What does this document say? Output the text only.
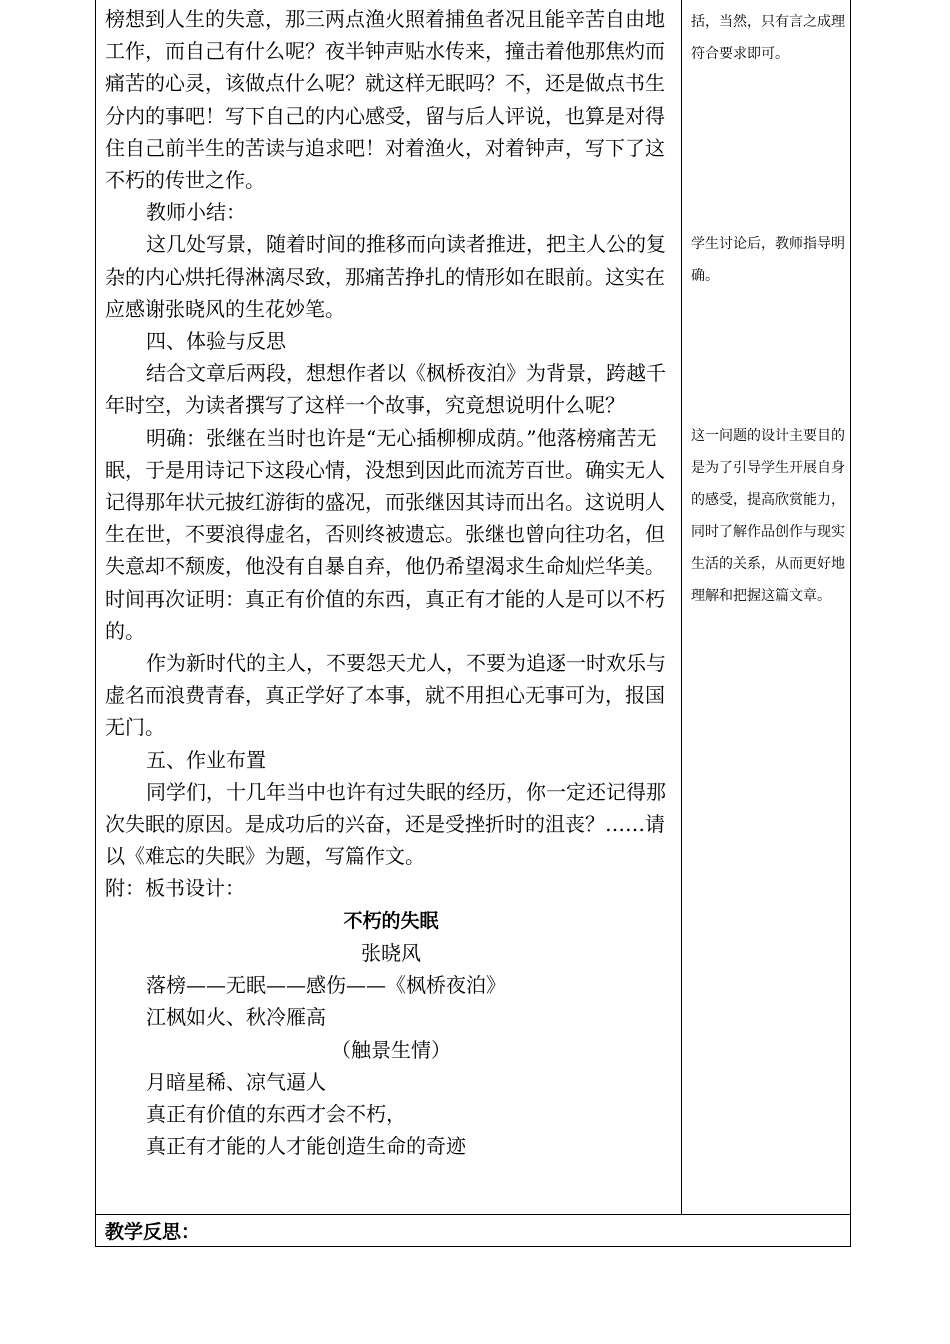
榜想到人生的失意，那三两点渔火照着捕鱼者况且能辛苦自由地工作，而自己有什么呢？夜半钟声贴水传来，撞击着他那焦灼而痛苦的心灵，该做点什么呢？就这样无眠吗？不，还是做点书生分内的事吧！写下自己的内心感受，留与后人评说，也算是对得住自己前半生的苦读与追求吧！对着渔火，对着钟声，写下了这不朽的传世之作。

教师小结：

这几处写景，随着时间的推移而向读者推进，把主人公的复杂的内心烘托得淋漓尽致，那痛苦挣扎的情形如在眼前。这实在应感谢张晓风的生花妙笔。

四、体验与反思

结合文章后两段，想想作者以《枫桥夜泊》为背景，跨越千年时空，为读者撰写了这样一个故事，究竟想说明什么呢？

明确：张继在当时也许是“无心插柳柳成荫。”他落榜痛苦无眠，于是用诗记下这段心情，没想到因此而流芳百世。确实无人记得那年状元披红游街的盛况，而张继因其诗而出名。这说明人生在世，不要浪得虚名，否则终被遗忘。张继也曾向往功名，但失意却不颓废，他没有自暴自弃，他仍希望渴求生命灿烂华美。时间再次证明：真正有价值的东西，真正有才能的人是可以不朽的。

作为新时代的主人，不要怨天尤人，不要为追逐一时欢乐与虚名而浪费青春，真正学好了本事，就不用担心无事可为，报国无门。

五、作业布置

同学们，十几年当中也许有过失眠的经历，你一定还记得那次失眠的原因。是成功后的兴奋，还是受挫折时的沮丧？……请以《难忘的失眠》为题，写篇作文。

附：板书设计：

不朽的失眠

张晓风

落榜——无眠——感伤——《枫桥夜泊》

江枫如火、秋冷雁高

（触景生情）

月暗星稀、凉气逼人

真正有价值的东西才会不朽，

真正有才能的人才能创造生命的奇迹

括，当然，只有言之成理符合要求即可。
学生讨论后，教师指导明确。
这一问题的设计主要目的是为了引导学生开展自身的感受，提高欣赏能力，同时了解作品创作与现实生活的关系，从而更好地理解和把握这篇文章。
教学反思：
